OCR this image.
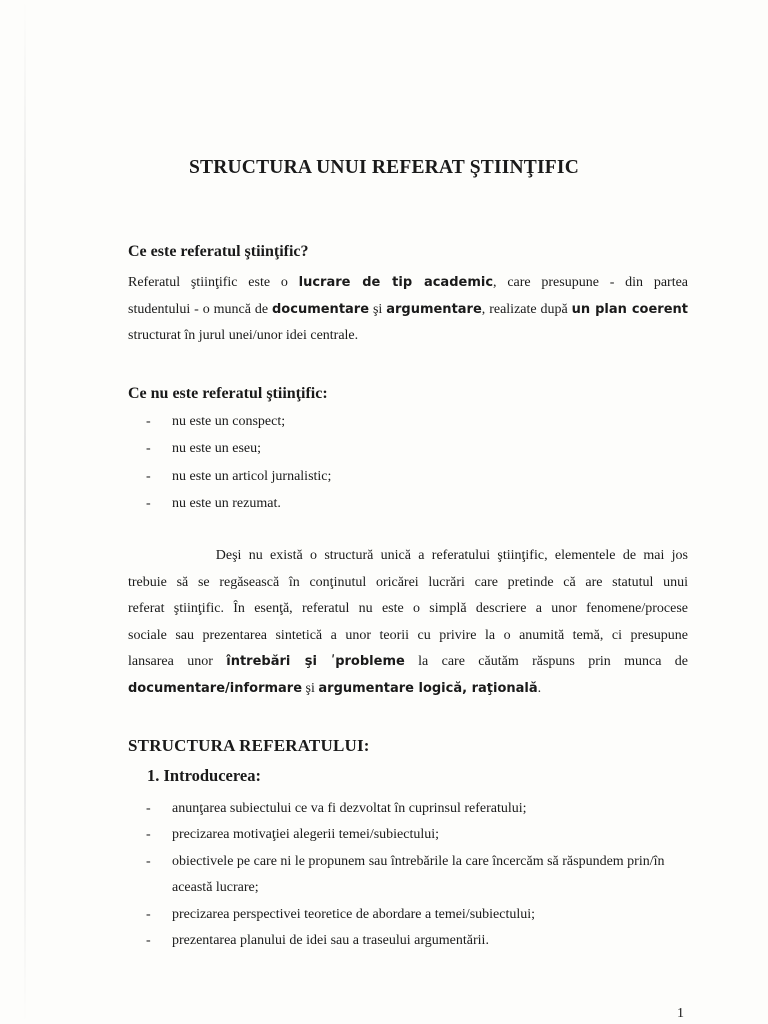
STRUCTURA UNUI REFERAT ŞTIINŢIFIC
Ce este referatul ştiinţific?
Referatul ştiinţific este o lucrare de tip academic, care presupune - din partea
studentului - o muncă de documentare şi argumentare, realizate după un plan coerent
structurat în jurul unei/unor idei centrale.
Ce nu este referatul ştiinţific:
- nu este un conspect;
- nu este un eseu;
- nu este un articol jurnalistic;
- nu este un rezumat.
Deşi nu există o structură unică a referatului ştiinţific, elementele de mai jos
trebuie să se regăsească în conţinutul oricărei lucrări care pretinde că are statutul unui
referat ştiinţific. În esenţă, referatul nu este o simplă descriere a unor fenomene/procese
sociale sau prezentarea sintetică a unor teorii cu privire la o anumită temă, ci presupune
lansarea unor întrebări şi ʹprobleme la care căutăm răspuns prin munca de
documentare/informare şi argumentare logică, raţională.
STRUCTURA REFERATULUI:
1. Introducerea:
- anunţarea subiectului ce va fi dezvoltat în cuprinsul referatului;
- precizarea motivaţiei alegerii temei/subiectului;
- obiectivele pe care ni le propunem sau întrebările la care încercăm să răspundem prin/în această lucrare;
- precizarea perspectivei teoretice de abordare a temei/subiectului;
- prezentarea planului de idei sau a traseului argumentării.
1
